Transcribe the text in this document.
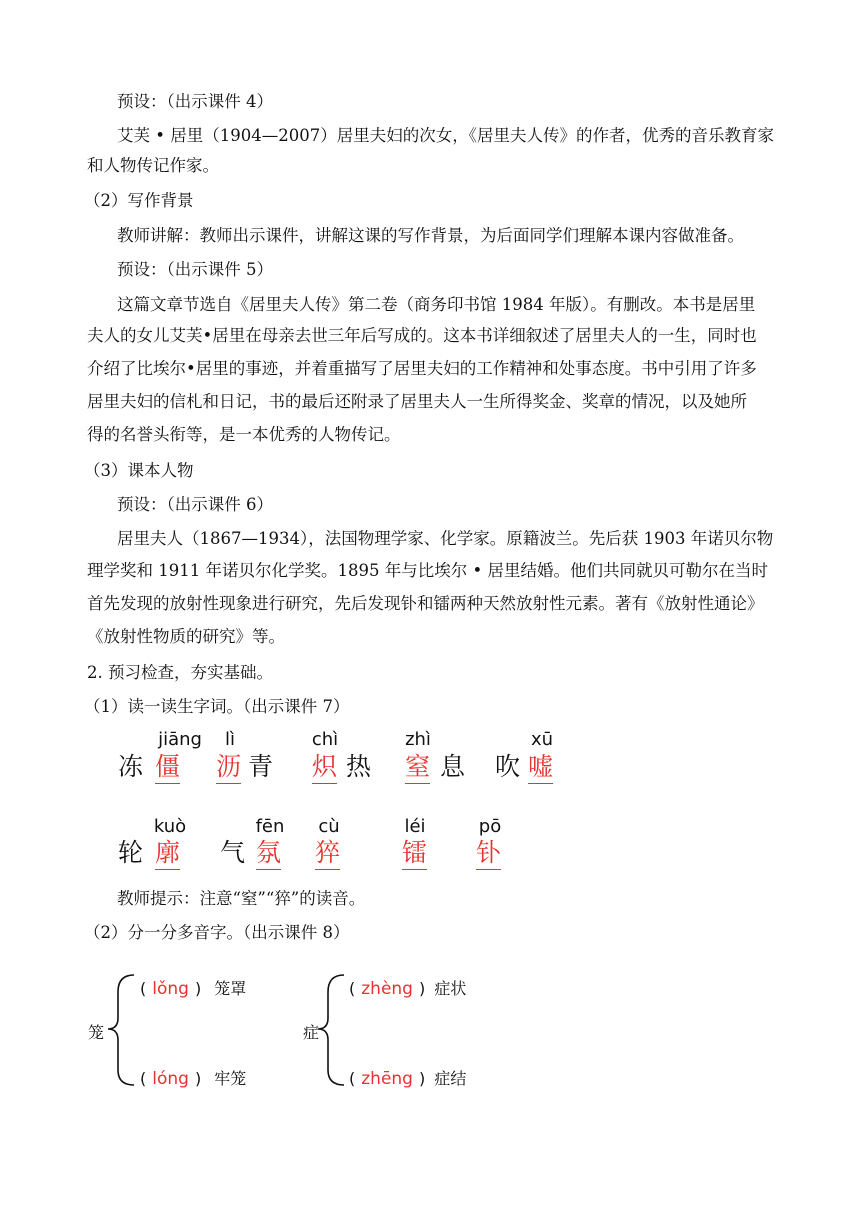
预设：（出示课件 4）
艾芙 • 居里（1904—2007）居里夫妇的次女，《居里夫人传》的作者，优秀的音乐教育家
和人物传记作家。
（2）写作背景
教师讲解：教师出示课件，讲解这课的写作背景，为后面同学们理解本课内容做准备。
预设：（出示课件 5）
这篇文章节选自《居里夫人传》第二卷（商务印书馆 1984 年版）。有删改。本书是居里
夫人的女儿艾芙•居里在母亲去世三年后写成的。这本书详细叙述了居里夫人的一生，同时也
介绍了比埃尔•居里的事迹，并着重描写了居里夫妇的工作精神和处事态度。书中引用了许多
居里夫妇的信札和日记，书的最后还附录了居里夫人一生所得奖金、奖章的情况，以及她所
得的名誉头衔等，是一本优秀的人物传记。
（3）课本人物
预设：（出示课件 6）
居里夫人（1867—1934），法国物理学家、化学家。原籍波兰。先后获 1903 年诺贝尔物
理学奖和 1911 年诺贝尔化学奖。1895 年与比埃尔 • 居里结婚。他们共同就贝可勒尔在当时
首先发现的放射性现象进行研究，先后发现钋和镭两种天然放射性元素。著有《放射性通论》
《放射性物质的研究》等。
2. 预习检查，夯实基础。
（1）读一读生字词。（出示课件 7）
jiāng
冻 僵
lì
沥 青
chì
炽 热
zhì
窒 息
xū
吹 嘘
kuò
轮 廓
fēn
气 氛
cù
猝
léi
镭
pō
钋
教师提示：注意“窒”“猝”的读音。
（2）分一分多音字。（出示课件 8）
笼
( lǒng ) 笼罩
( lóng ) 牢笼
症
( zhèng ) 症状
( zhēng ) 症结
